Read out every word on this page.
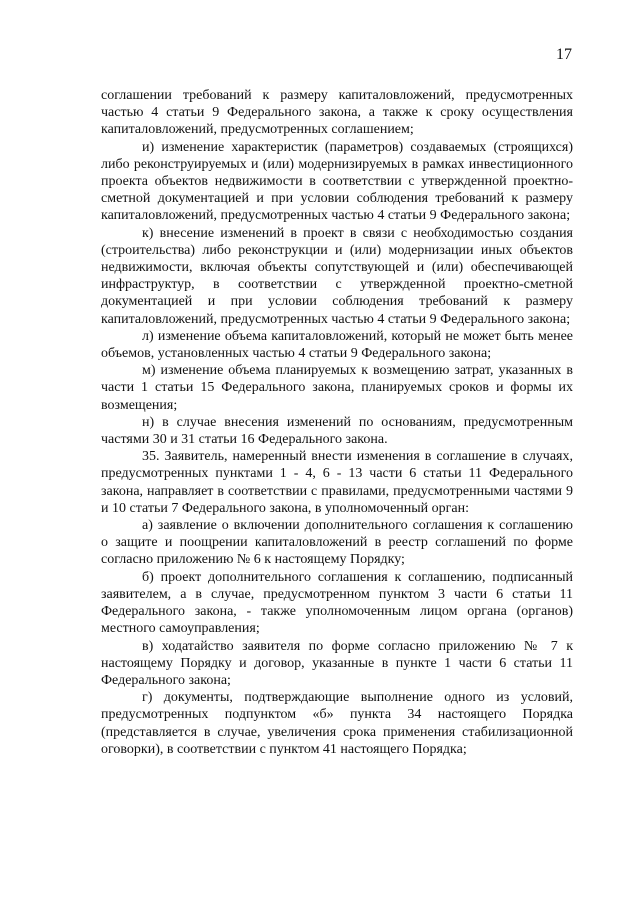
17

соглашении требований к размеру капиталовложений, предусмотренных частью 4 статьи 9 Федерального закона, а также к сроку осуществления капиталовложений, предусмотренных соглашением;

и) изменение характеристик (параметров) создаваемых (строящихся) либо реконструируемых и (или) модернизируемых в рамках инвестиционного проекта объектов недвижимости в соответствии с утвержденной проектно-сметной документацией и при условии соблюдения требований к размеру капиталовложений, предусмотренных частью 4 статьи 9 Федерального закона;

к) внесение изменений в проект в связи с необходимостью создания (строительства) либо реконструкции и (или) модернизации иных объектов недвижимости, включая объекты сопутствующей и (или) обеспечивающей инфраструктур, в соответствии с утвержденной проектно-сметной документацией и при условии соблюдения требований к размеру капиталовложений, предусмотренных частью 4 статьи 9 Федерального закона;

л) изменение объема капиталовложений, который не может быть менее объемов, установленных частью 4 статьи 9 Федерального закона;

м) изменение объема планируемых к возмещению затрат, указанных в части 1 статьи 15 Федерального закона, планируемых сроков и формы их возмещения;

н) в случае внесения изменений по основаниям, предусмотренным частями 30 и 31 статьи 16 Федерального закона.

35. Заявитель, намеренный внести изменения в соглашение в случаях, предусмотренных пунктами 1 - 4, 6 - 13 части 6 статьи 11 Федерального закона, направляет в соответствии с правилами, предусмотренными частями 9 и 10 статьи 7 Федерального закона, в уполномоченный орган:

а) заявление о включении дополнительного соглашения к соглашению о защите и поощрении капиталовложений в реестр соглашений по форме согласно приложению № 6 к настоящему Порядку;

б) проект дополнительного соглашения к соглашению, подписанный заявителем, а в случае, предусмотренном пунктом 3 части 6 статьи 11 Федерального закона, - также уполномоченным лицом органа (органов) местного самоуправления;

в) ходатайство заявителя по форме согласно приложению № 7 к настоящему Порядку и договор, указанные в пункте 1 части 6 статьи 11 Федерального закона;

г) документы, подтверждающие выполнение одного из условий, предусмотренных подпунктом «б» пункта 34 настоящего Порядка (представляется в случае, увеличения срока применения стабилизационной оговорки), в соответствии с пунктом 41 настоящего Порядка;
